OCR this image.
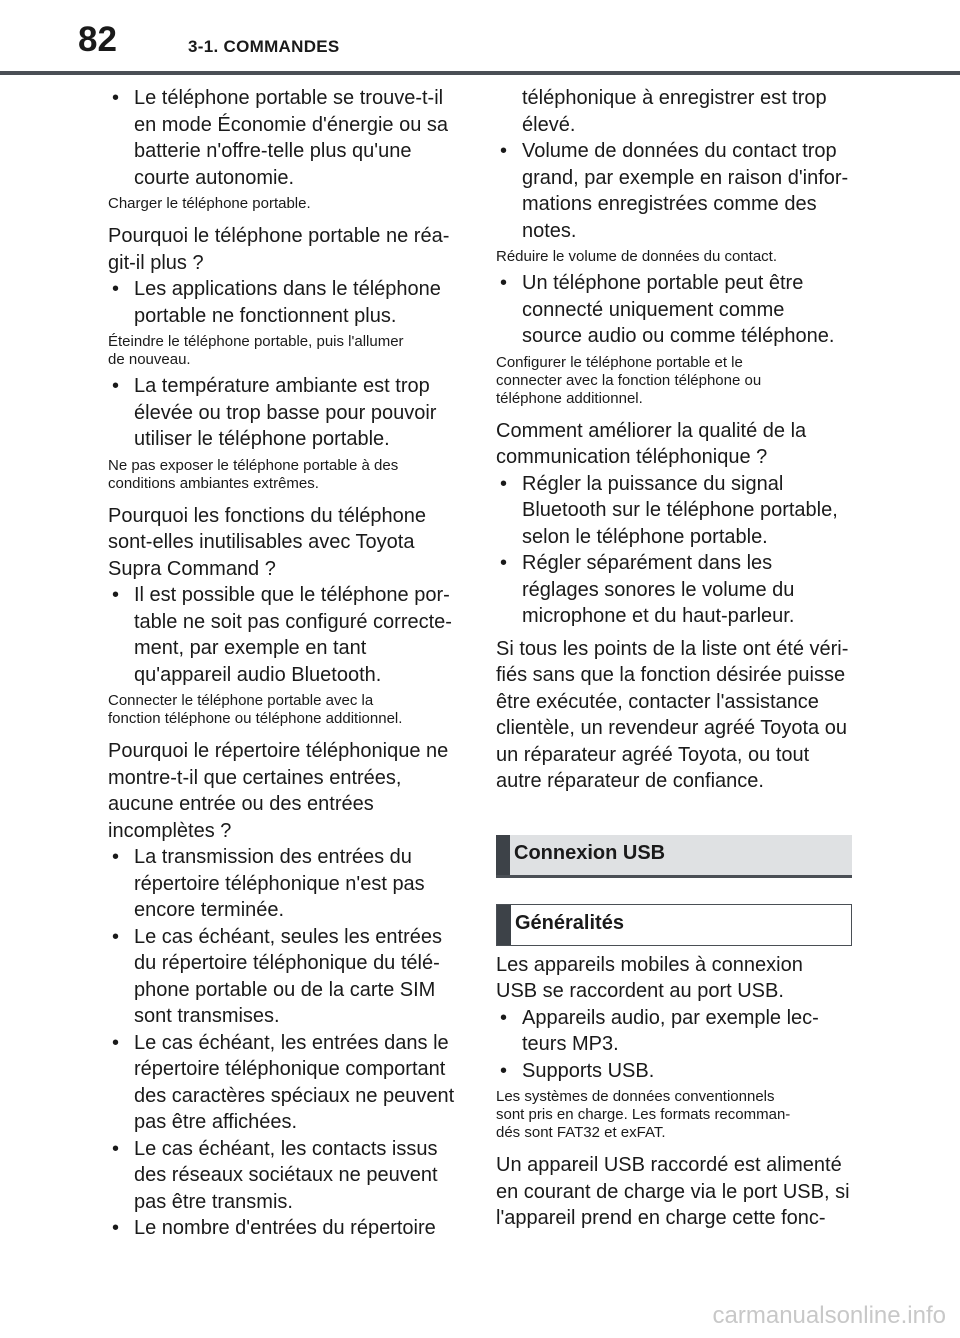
82	3-1. COMMANDES
• Le téléphone portable se trouve-t-il
en mode Économie d'énergie ou sa
batterie n'offre-telle plus qu'une
courte autonomie.
Charger le téléphone portable.
Pourquoi le téléphone portable ne réa-
git-il plus ?
• Les applications dans le téléphone
portable ne fonctionnent plus.
Éteindre le téléphone portable, puis l'allumer
de nouveau.
• La température ambiante est trop
élevée ou trop basse pour pouvoir
utiliser le téléphone portable.
Ne pas exposer le téléphone portable à des
conditions ambiantes extrêmes.
Pourquoi les fonctions du téléphone
sont-elles inutilisables avec Toyota
Supra Command ?
• Il est possible que le téléphone por-
table ne soit pas configuré correcte-
ment, par exemple en tant
qu'appareil audio Bluetooth.
Connecter le téléphone portable avec la
fonction téléphone ou téléphone additionnel.
Pourquoi le répertoire téléphonique ne
montre-t-il que certaines entrées,
aucune entrée ou des entrées
incomplètes ?
• La transmission des entrées du
répertoire téléphonique n'est pas
encore terminée.
• Le cas échéant, seules les entrées
du répertoire téléphonique du télé-
phone portable ou de la carte SIM
sont transmises.
• Le cas échéant, les entrées dans le
répertoire téléphonique comportant
des caractères spéciaux ne peuvent
pas être affichées.
• Le cas échéant, les contacts issus
des réseaux sociétaux ne peuvent
pas être transmis.
• Le nombre d'entrées du répertoire
téléphonique à enregistrer est trop
élevé.
• Volume de données du contact trop
grand, par exemple en raison d'infor-
mations enregistrées comme des
notes.
Réduire le volume de données du contact.
• Un téléphone portable peut être
connecté uniquement comme
source audio ou comme téléphone.
Configurer le téléphone portable et le
connecter avec la fonction téléphone ou
téléphone additionnel.
Comment améliorer la qualité de la
communication téléphonique ?
• Régler la puissance du signal
Bluetooth sur le téléphone portable,
selon le téléphone portable.
• Régler séparément dans les
réglages sonores le volume du
microphone et du haut-parleur.
Si tous les points de la liste ont été véri-
fiés sans que la fonction désirée puisse
être exécutée, contacter l'assistance
clientèle, un revendeur agréé Toyota ou
un réparateur agréé Toyota, ou tout
autre réparateur de confiance.
Connexion USB
Généralités
Les appareils mobiles à connexion
USB se raccordent au port USB.
• Appareils audio, par exemple lec-
teurs MP3.
• Supports USB.
Les systèmes de données conventionnels
sont pris en charge. Les formats recomman-
dés sont FAT32 et exFAT.
Un appareil USB raccordé est alimenté
en courant de charge via le port USB, si
l'appareil prend en charge cette fonc-
carmanualsonline.info
